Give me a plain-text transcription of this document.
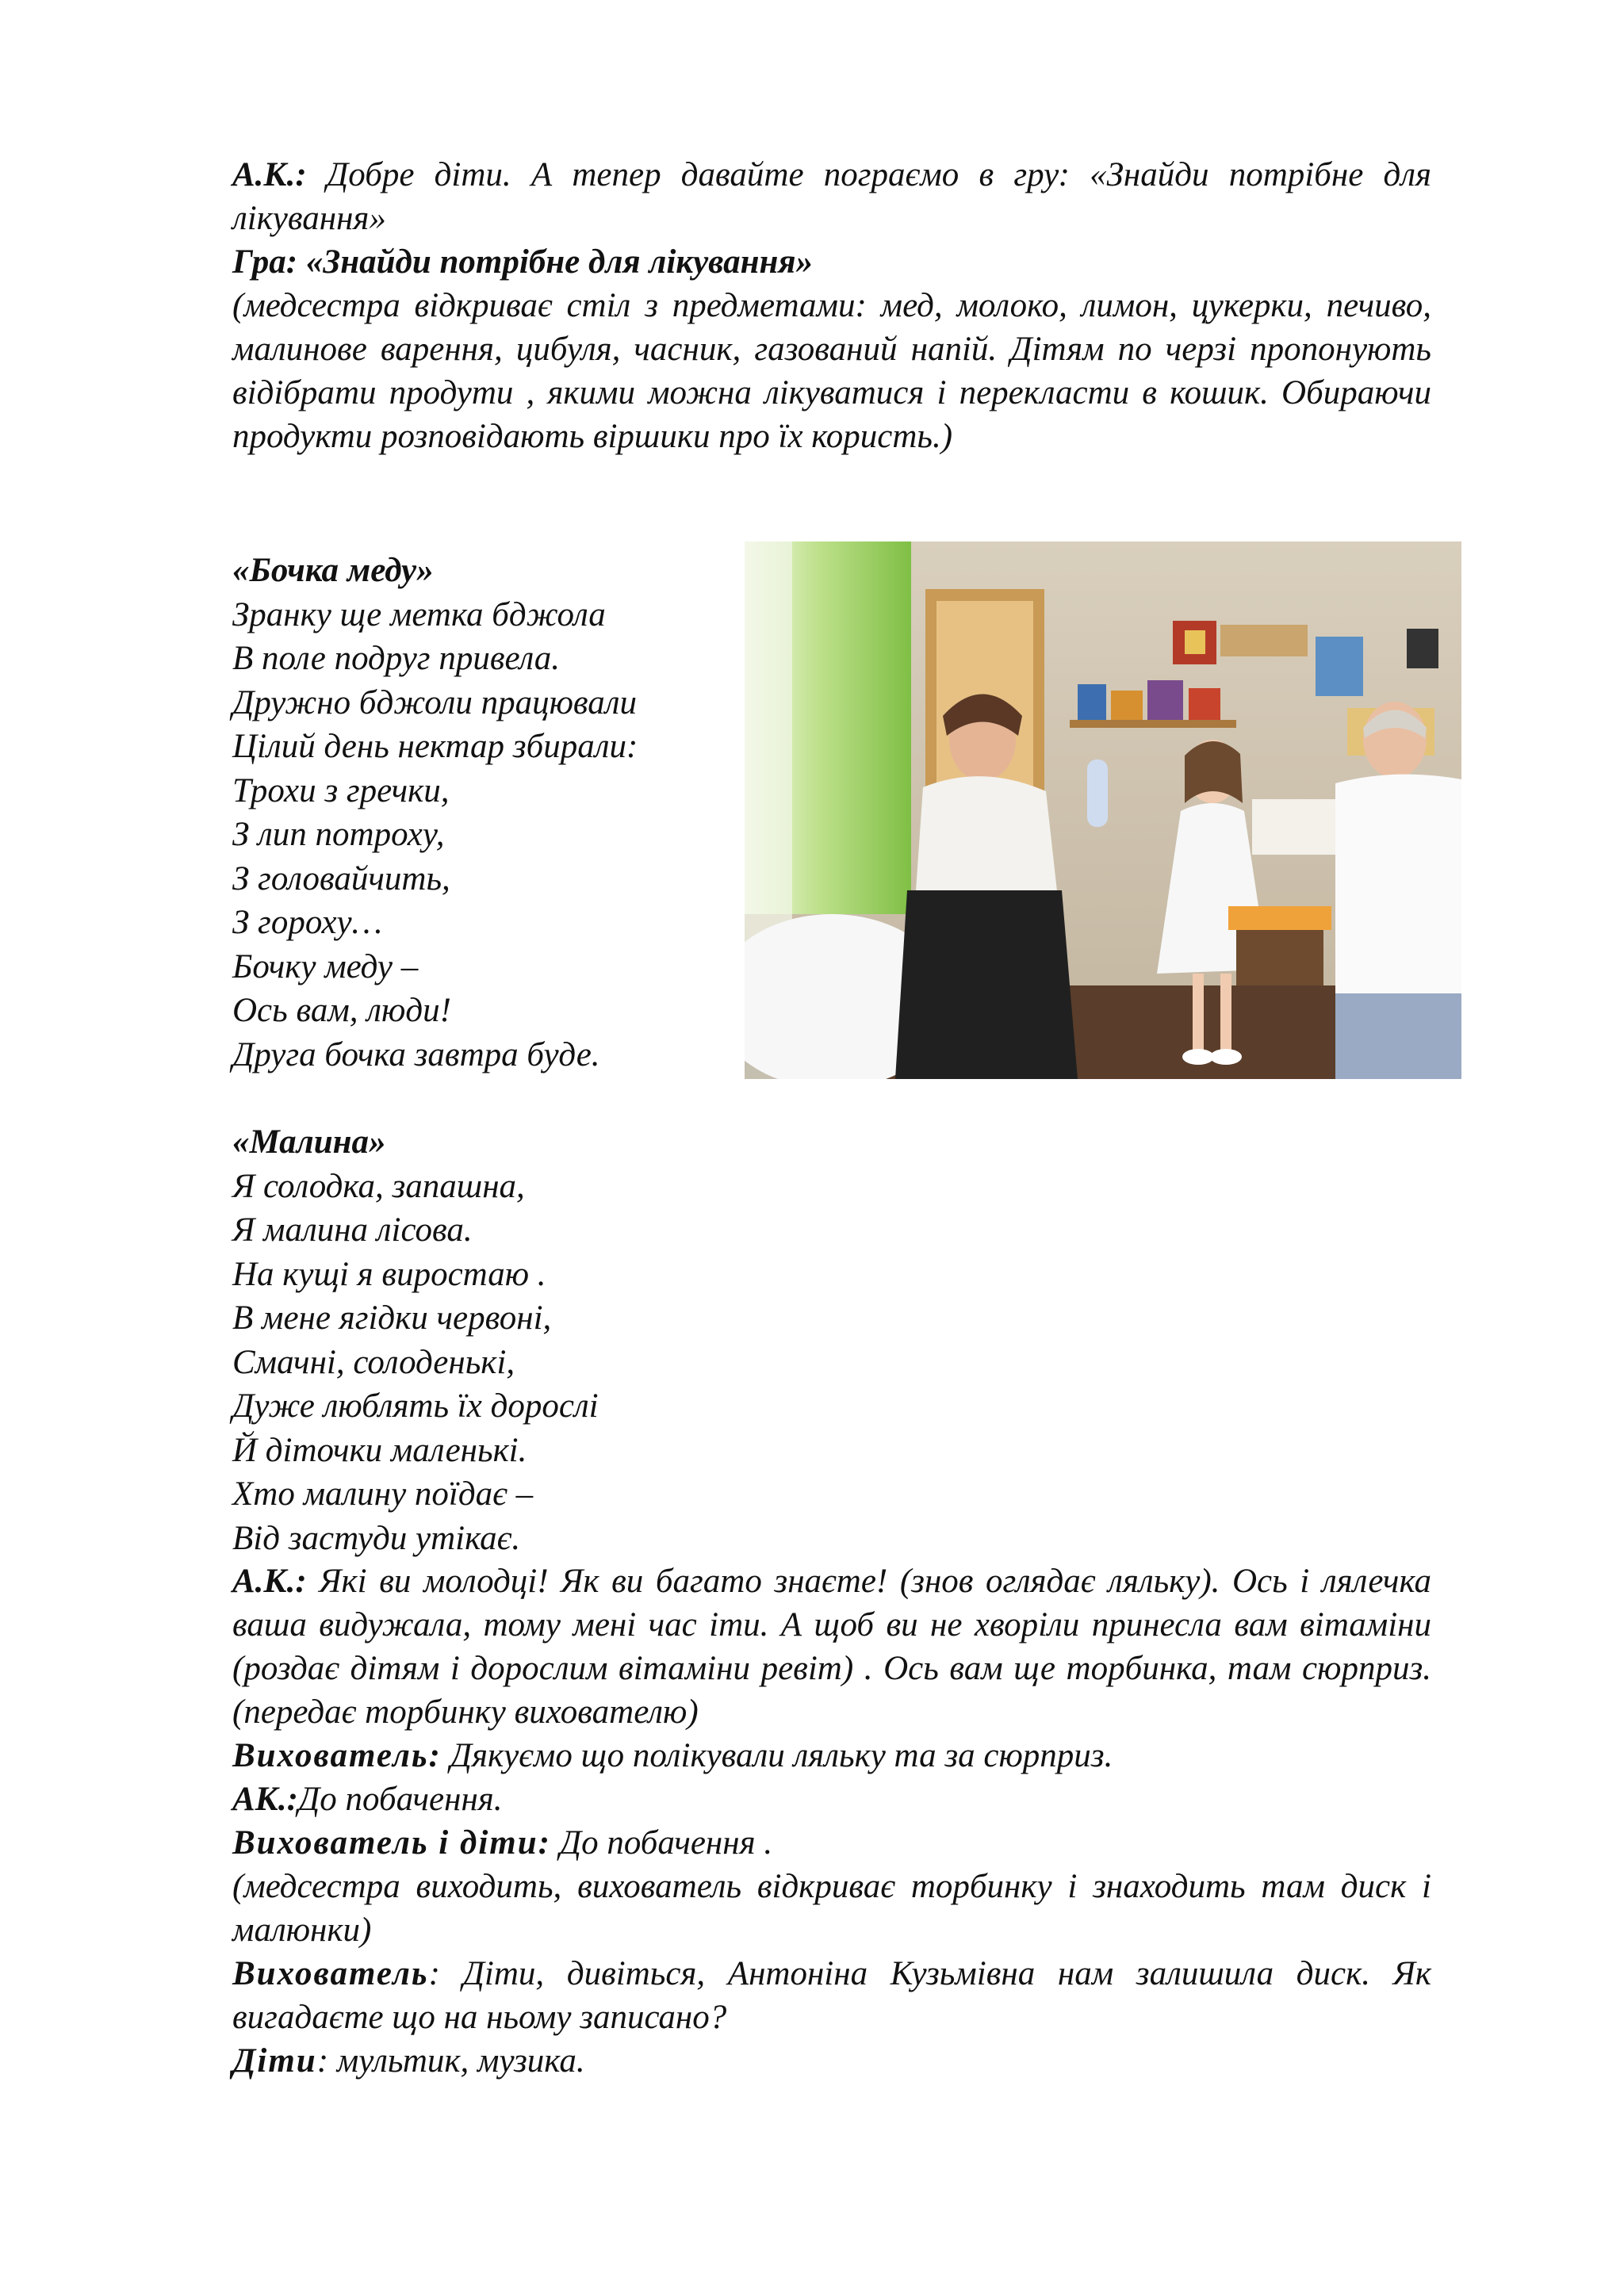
А.К.: Добре діти. А тепер давайте пограємо в гру: «Знайди потрібне для лікування»

Гра: «Знайди потрібне для лікування»

(медсестра відкриває стіл з предметами: мед, молоко, лимон, цукерки, печиво, малинове варення, цибуля, часник, газований напій. Дітям по черзі пропонують відібрати продути , якими можна лікуватися і перекласти в кошик. Обираючи продукти розповідають віршики про їх користь.)

«Бочка меду»

Зранку ще метка бджола

В поле подруг привела.

Дружно бджоли працювали

Цілий день нектар збирали:

Трохи з гречки,

З лип потроху,

З головайчить,

З гороху…

Бочку меду –

Ось вам, люди!

Друга бочка завтра буде.

«Малина»

Я солодка, запашна,

Я малина лісова.

На кущі я виростаю .

В мене ягідки червоні,

Смачні, солоденькі,

Дуже люблять їх дорослі

Й діточки маленькі.

Хто малину поїдає –

Від застуди утікає.

А.К.: Які ви молодці! Як ви багато знаєте! (знов оглядає ляльку). Ось і лялечка ваша видужала, тому мені час іти. А щоб ви не хворіли принесла вам вітаміни (роздає дітям і дорослим вітаміни ревіт) . Ось вам ще торбинка, там сюрприз. (передає торбинку вихователю)

Вихователь: Дякуємо що полікували ляльку та за сюрприз.

АК.:До побачення.

Вихователь і діти: До побачення .

(медсестра виходить, вихователь відкриває торбинку і знаходить там диск і малюнки)

Вихователь: Діти, дивіться, Антоніна Кузьмівна нам залишила диск. Як вигадаєте що на ньому записано?

Діти: мультик, музика.
